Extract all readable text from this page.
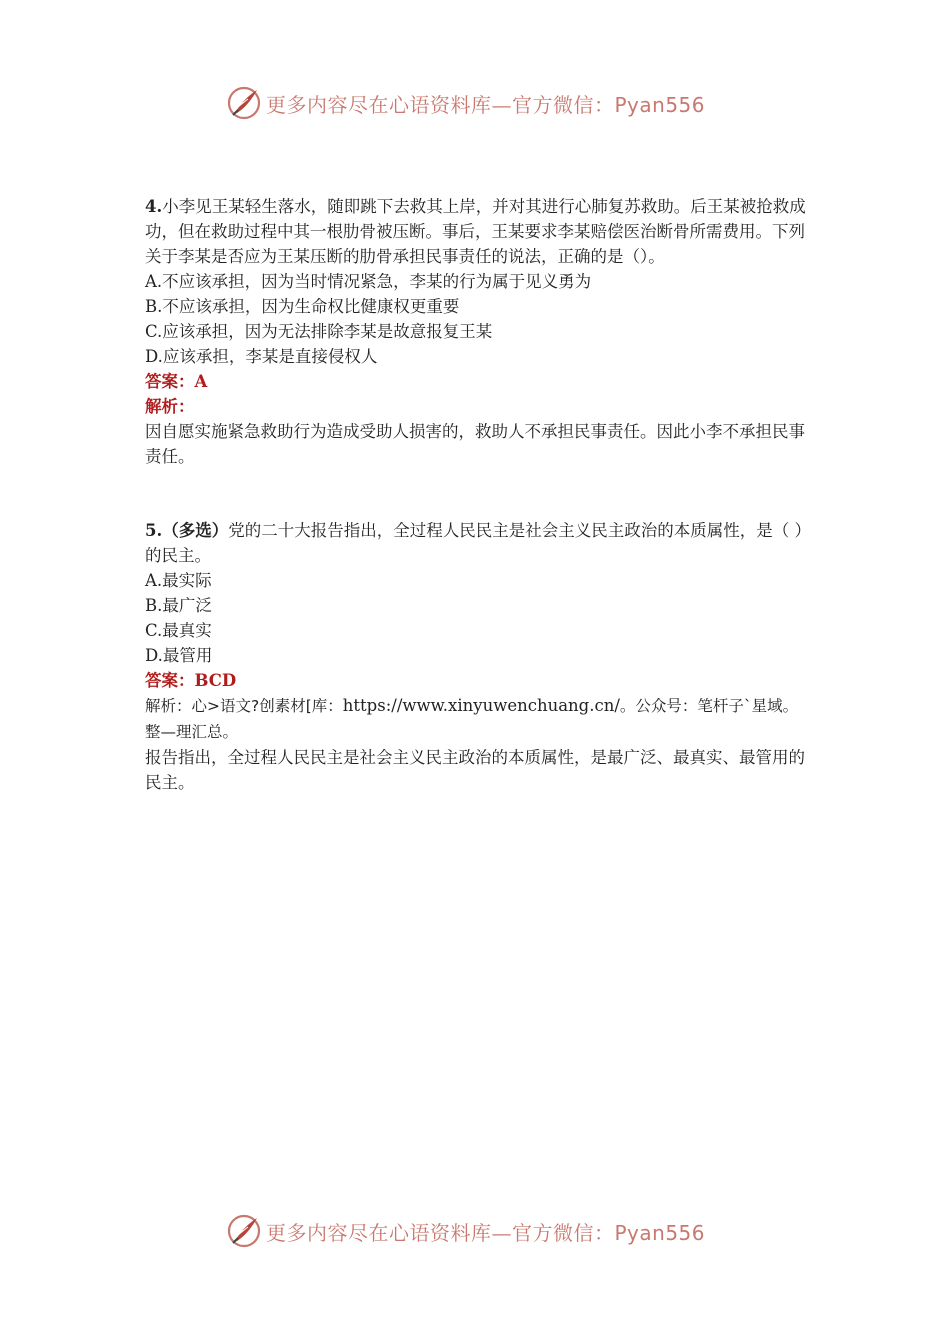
更多内容尽在心语资料库—官方微信：Pyan556

4.小李见王某轻生落水，随即跳下去救其上岸，并对其进行心肺复苏救助。后王某被抢救成功，但在救助过程中其一根肋骨被压断。事后，王某要求李某赔偿医治断骨所需费用。下列关于李某是否应为王某压断的肋骨承担民事责任的说法，正确的是（）。

A.不应该承担，因为当时情况紧急，李某的行为属于见义勇为

B.不应该承担，因为生命权比健康权更重要

C.应该承担，因为无法排除李某是故意报复王某

D.应该承担，李某是直接侵权人

答案：A

解析：

因自愿实施紧急救助行为造成受助人损害的，救助人不承担民事责任。因此小李不承担民事责任。

5.（多选）党的二十大报告指出，全过程人民民主是社会主义民主政治的本质属性，是（ ）的民主。

A.最实际

B.最广泛

C.最真实

D.最管用

答案：BCD

解析：心>语文?创素材[库：https://www.xinyuwenchuang.cn/。公众号：笔杆子`星域。整—理汇总。

报告指出，全过程人民民主是社会主义民主政治的本质属性，是最广泛、最真实、最管用的民主。

更多内容尽在心语资料库—官方微信：Pyan556
